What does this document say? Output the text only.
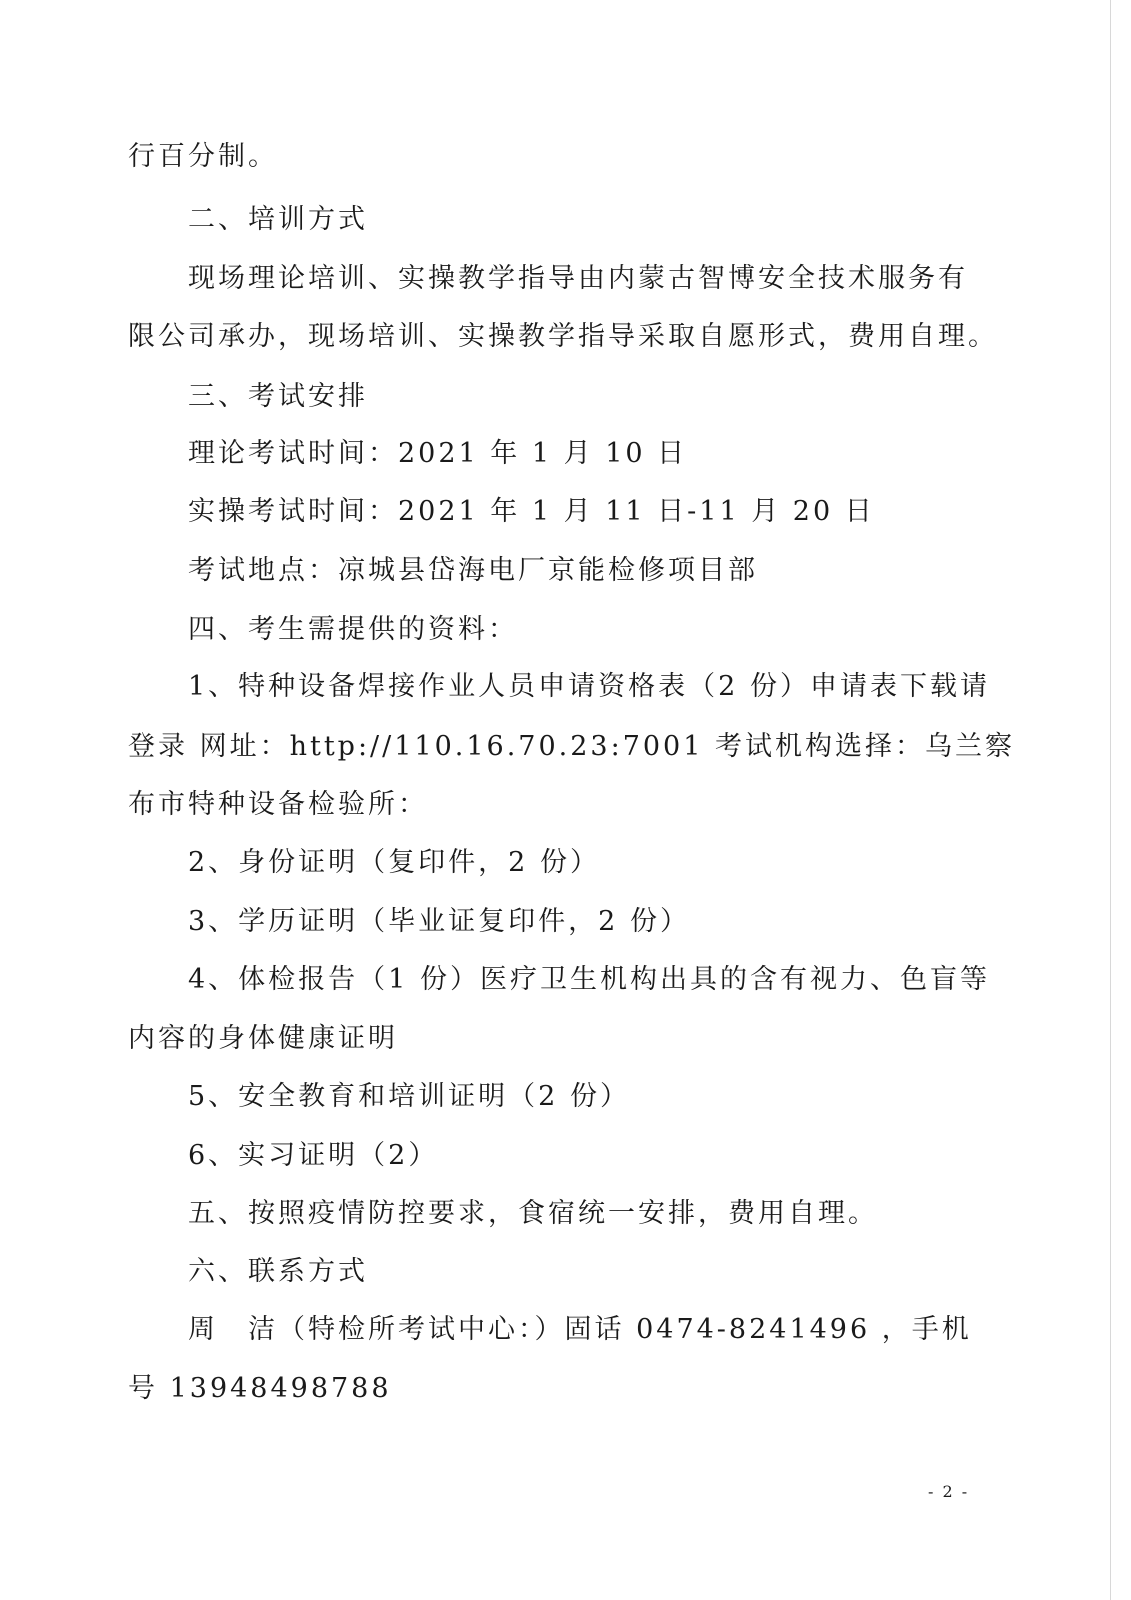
行百分制。
二、培训方式
现场理论培训、实操教学指导由内蒙古智博安全技术服务有
限公司承办，现场培训、实操教学指导采取自愿形式，费用自理。
三、考试安排
理论考试时间：2021 年 1 月 10 日
实操考试时间：2021 年 1 月 11 日-11 月 20 日
考试地点：凉城县岱海电厂京能检修项目部
四、考生需提供的资料：
1、特种设备焊接作业人员申请资格表（2 份）申请表下载请
登录 网址：http://110.16.70.23:7001 考试机构选择：乌兰察
布市特种设备检验所：
2、身份证明（复印件，2 份）
3、学历证明（毕业证复印件，2 份）
4、体检报告（1 份）医疗卫生机构出具的含有视力、色盲等
内容的身体健康证明
5、安全教育和培训证明（2 份）
6、实习证明（2）
五、按照疫情防控要求，食宿统一安排，费用自理。
六、联系方式
周　洁（特检所考试中心：）固话 0474-8241496 ，手机
号 13948498788
- 2 -
